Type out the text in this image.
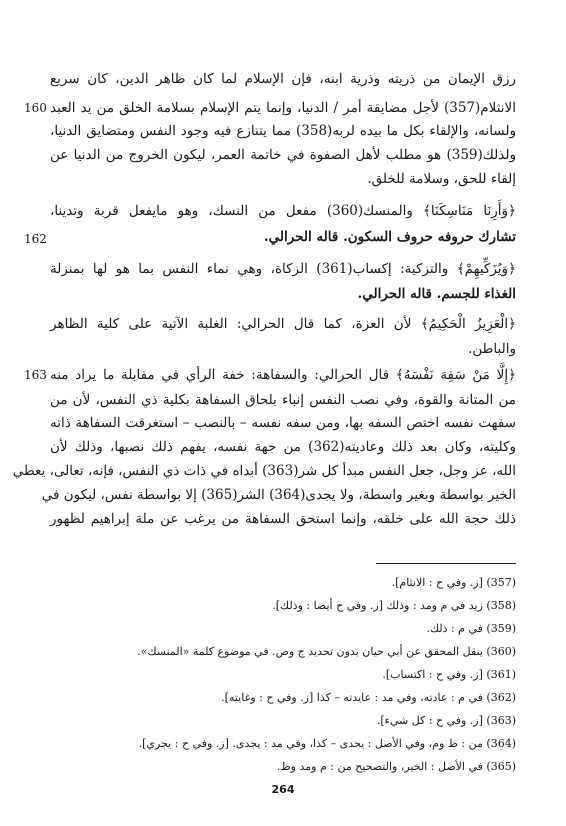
160
162
163
رزق الإيمان من ذريته وذرية ابنه، فإن الإسلام لما كان ظاهر الدين، كان سريع
الانثلام(357) لأجل مضايقة أمر / الدنيا، وإنما يتم الإسلام بسلامة الخلق من يد العبد
ولسانه، والإلقاء بكل ما بيده لربه(358) مما يتنازع فيه وجود النفس ومتضايق الدنيا،
ولذلك(359) هو مطلب لأهل الصفوة في خاتمة العمر، ليكون الخروج من الدنيا عن
إلقاء للحق، وسلامة للخلق.
﴿وَأَرِنَا مَنَاسِكَنَا﴾ والمنسك(360) مفعل من النسك، وهو مايفعل قربة وتدينا،
تشارك حروفه حروف السكون. قاله الحرالي.
﴿وَيُزَكِّيهِمْ﴾ والتزكية: إكساب(361) الزكاة، وهي نماء النفس بما هو لها بمنزلة
الغذاء للجسم. قاله الحرالي.
﴿الْعَزِيزُ الْحَكِيمُ﴾ لأن العزة، كما قال الحرالي: الغلبة الآتية على كلية الظاهر
والباطن.
﴿إِلَّا مَنْ سَفِهَ نَفْسَهُ﴾ قال الحرالي: والسفاهة: خفة الرأي في مقابلة ما يراد منه
من المتانة والقوة، وفي نصب النفس إنباء بلحاق السفاهة بكلية ذي النفس، لأن من
سفهت نفسه اختص السفه بها، ومن سفه نفسه – بالنصب – استغرقت السفاهة ذاته
وكليته، وكان بعد ذلك وعاديته(362) من جهة نفسه، يفهم ذلك نصبها، وذلك لأن
الله، عز وجل، جعل النفس مبدأ كل شر(363) أبداه في ذات ذي النفس، فإنه، تعالى، يعطي
الخير بواسطة وبغير واسطة، ولا يجدى(364) الشر(365) إلا بواسطة نفس، ليكون في
ذلك حجة الله على خلقه، وإنما استحق السفاهة من يرغب عن ملة إبراهيم لظهور
(357) [ز. وفي ح : الانثام].
(358) زيد في م ومد : وذلك [ز. وفي ح أيضا : وذلك].
(359) في م : ذلك.
(360) ينقل المحقق عن أبي حيان بدون تحديد ج وص. في موضوع كلمة «المنسك».
(361) [ز. وفي ح : اكتساب].
(362) في م : عادته، وفي مد : عايدته – كذا [ز. وفي ح : وغايته].
(363) [ز. وفي ح : كل شيء].
(364) من : ظ وم، وفي الأصل : يحدى – كذا، وفي مد : يجدى. [ز. وفي ح : يجري].
(365) في الأصل : الخير، والتصحيح من : م ومد وظ.
264
